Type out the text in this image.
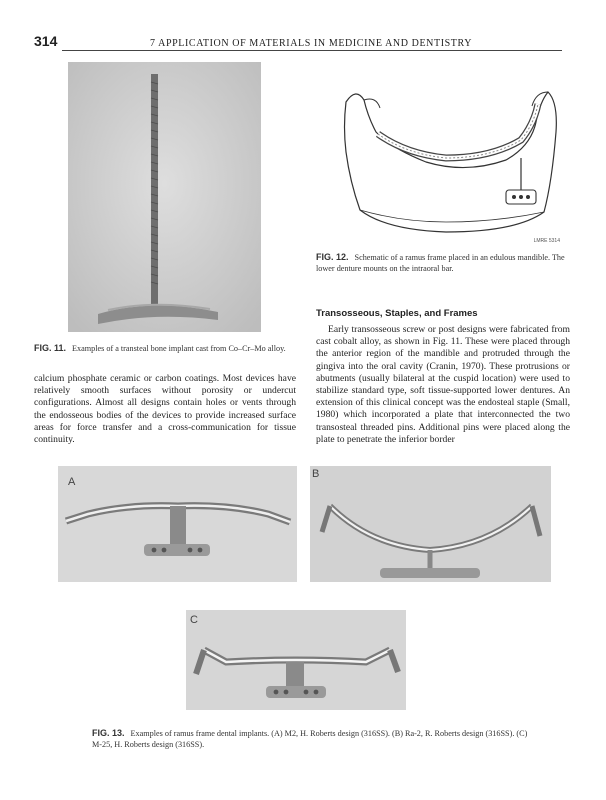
314	7 APPLICATION OF MATERIALS IN MEDICINE AND DENTISTRY
FIG. 11. Examples of a transteal bone implant cast from Co–Cr–Mo alloy.
calcium phosphate ceramic or carbon coatings. Most devices have relatively smooth surfaces without porosity or undercut configurations. Almost all designs contain holes or vents through the endosseous bodies of the devices to provide increased surface areas for force transfer and a cross-communication for tissue continuity.
LMRE 5314
FIG. 12. Schematic of a ramus frame placed in an edulous mandible. The lower denture mounts on the intraoral bar.
Transosseous, Staples, and Frames
Early transosseous screw or post designs were fabricated from cast cobalt alloy, as shown in Fig. 11. These were placed through the anterior region of the mandible and protruded through the gingiva into the oral cavity (Cranin, 1970). These protrusions or abutments (usually bilateral at the cuspid location) were used to stabilize standard type, soft tissue-supported lower dentures. An extension of this clinical concept was the endosteal staple (Small, 1980) which incorporated a plate that interconnected the two transosteal threaded pins. Additional pins were placed along the plate to penetrate the inferior border
A
B
C
FIG. 13. Examples of ramus frame dental implants. (A) M2, H. Roberts design (316SS). (B) Ra-2, R. Roberts design (316SS). (C) M-25, H. Roberts design (316SS).
